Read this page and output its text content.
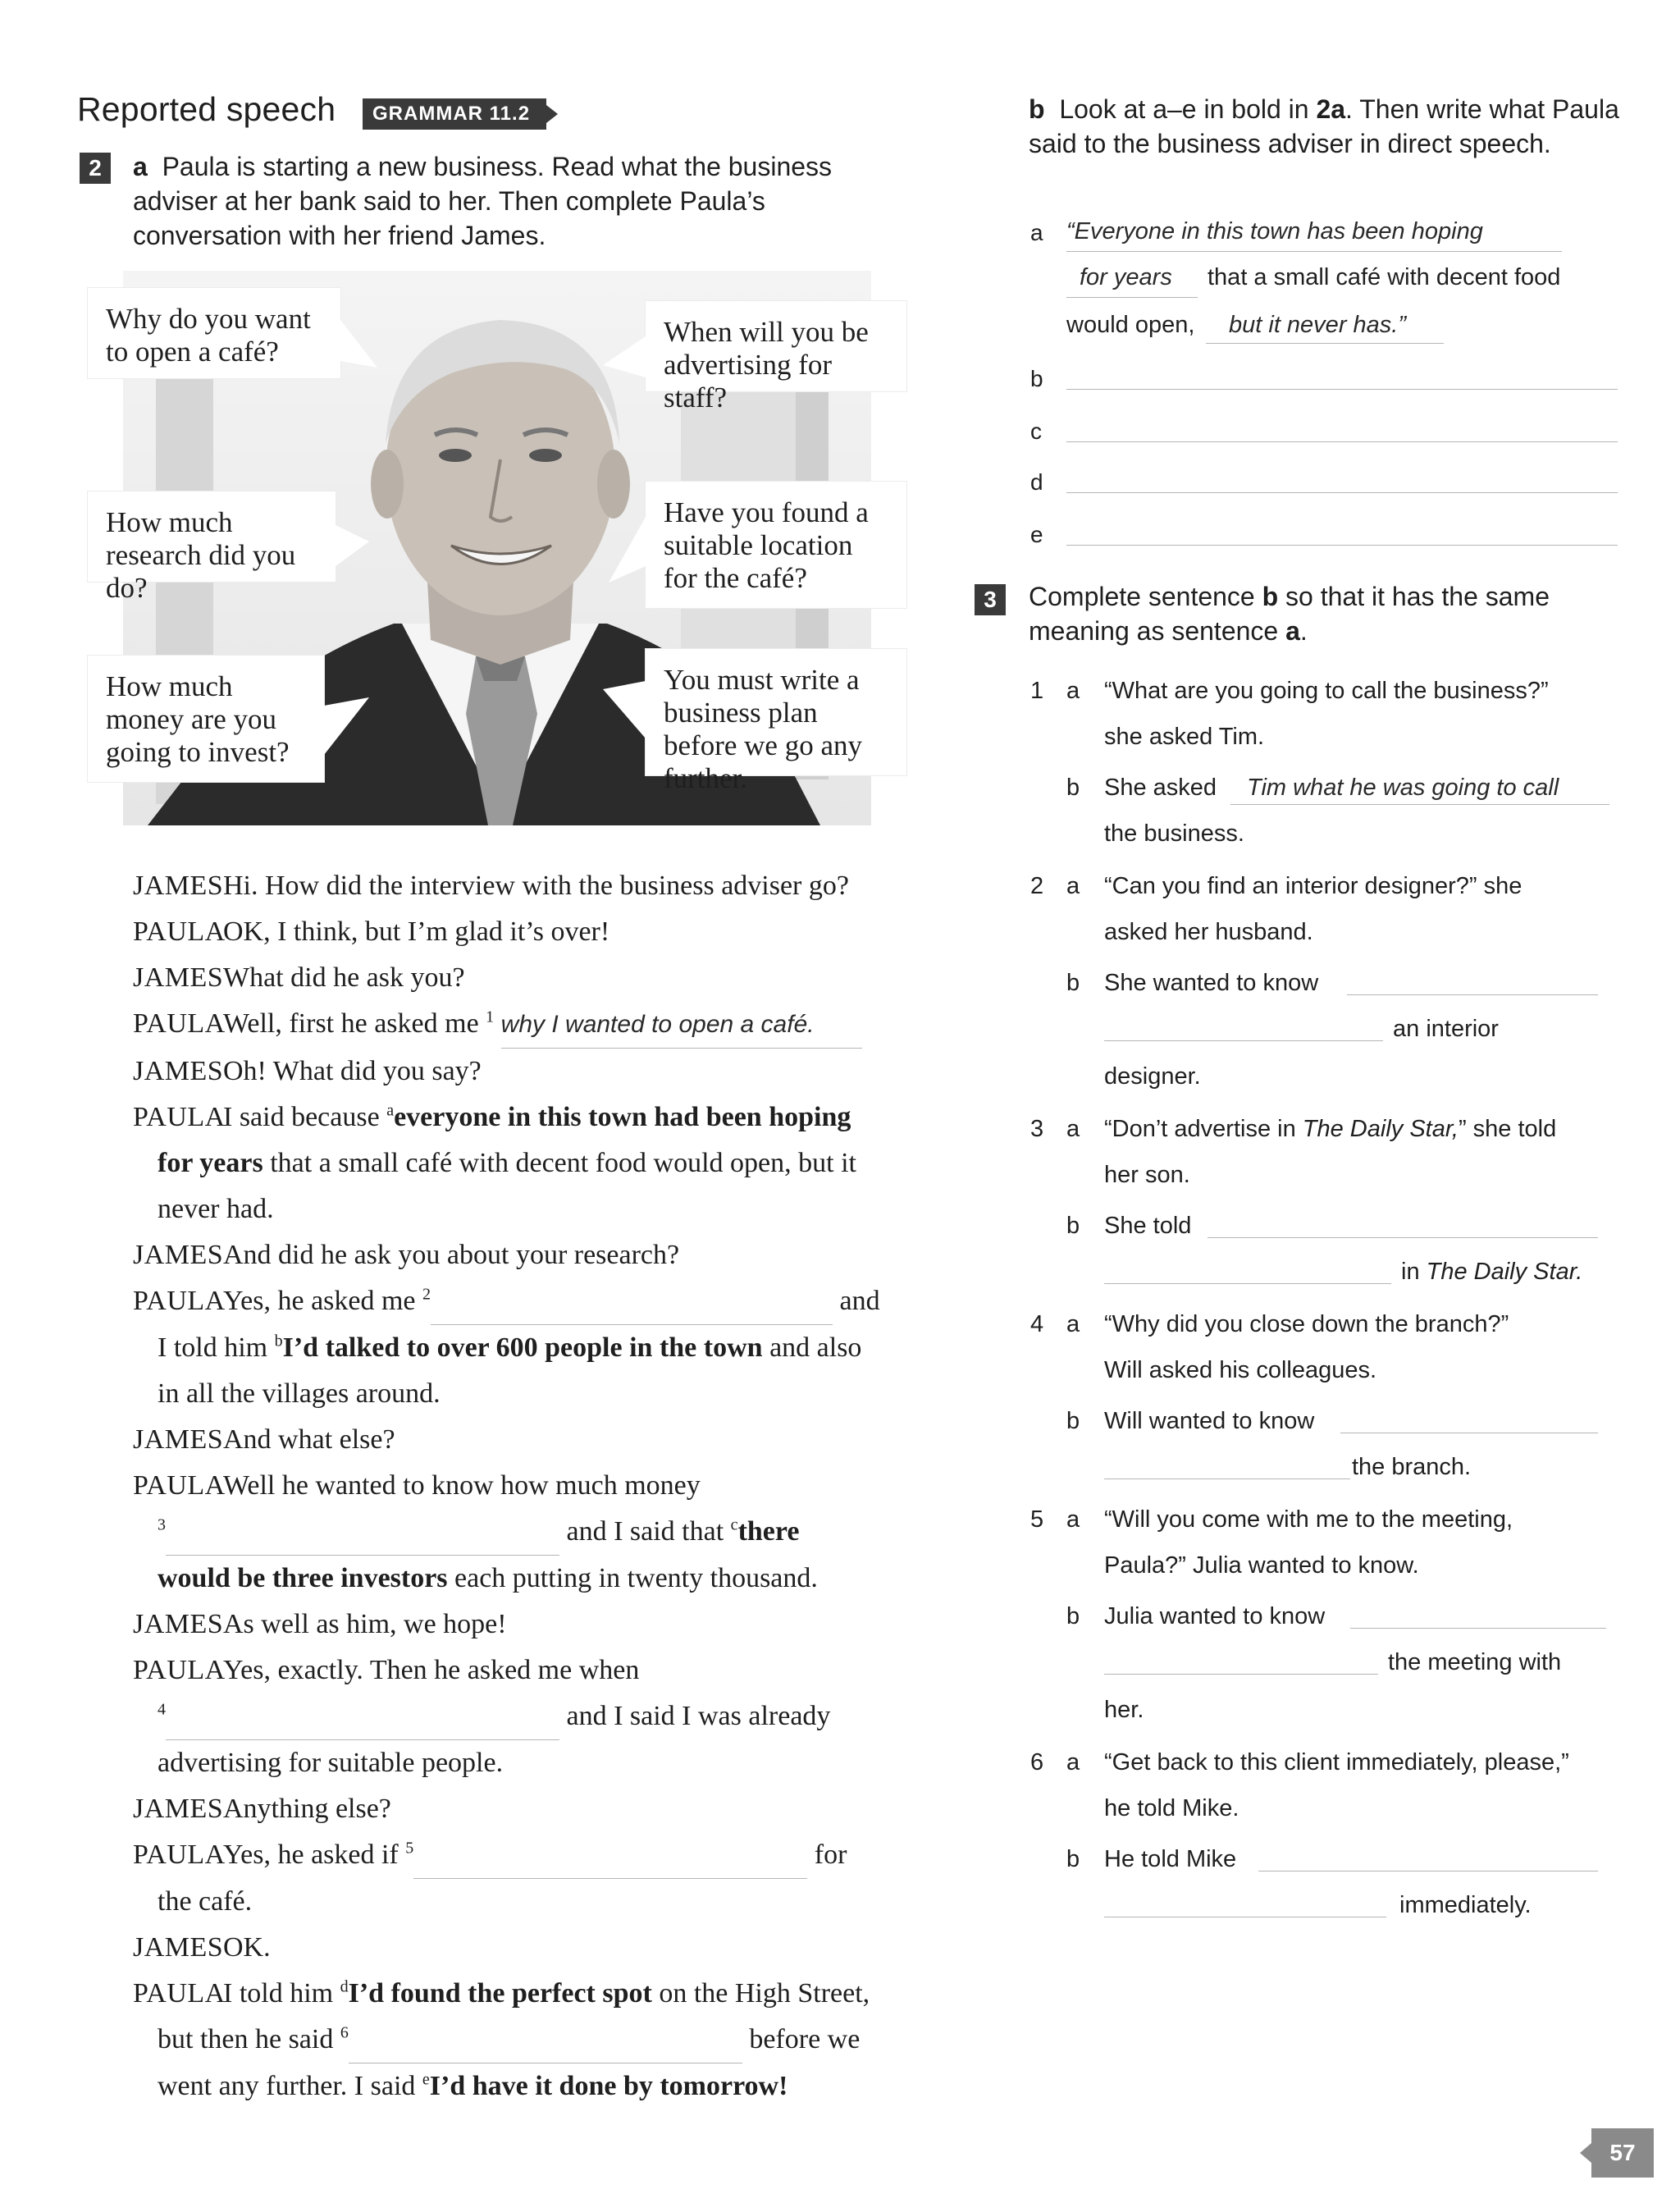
Reported speech	GRAMMAR 11.2
2	a Paula is starting a new business. Read what the business adviser at her bank said to her. Then complete Paula’s conversation with her friend James.
Why do you want to open a café?
How much research did you do?
How much money are you going to invest?
When will you be advertising for staff?
Have you found a suitable location for the café?
You must write a business plan before we go any further.
JAMESHi. How did the interview with the business adviser go?
PAULAOK, I think, but I’m glad it’s over!
JAMESWhat did he ask you?
PAULAWell, first he asked me $^1$ why I wanted to open a café.
JAMESOh! What did you say?
PAULAI said because $^a$everyone in this town had been hoping
for years that a small café with decent food would open, but it
never had.
JAMESAnd did he ask you about your research?
PAULAYes, he asked me $^2$	and
I told him $^b$I’d talked to over 600 people in the town and also
in all the villages around.
JAMESAnd what else?
PAULAWell he wanted to know how much money
$^3$	and I said that $^c$there
would be three investors each putting in twenty thousand.
JAMESAs well as him, we hope!
PAULAYes, exactly. Then he asked me when
$^4$	and I said I was already
advertising for suitable people.
JAMESAnything else?
PAULAYes, he asked if $^5$	for
the café.
JAMESOK.
PAULAI told him $^d$I’d found the perfect spot on the High Street,
but then he said $^6$	before we
went any further. I said $^e$I’d have it done by tomorrow!
b Look at a–e in bold in 2a. Then write what Paula said to the business adviser in direct speech.
a “Everyone in this town has been hoping
for years that a small café with decent food
would open, but it never has.”
b
c
d
e
3	Complete sentence b so that it has the same meaning as sentence a.
1 a “What are you going to call the business?”
she asked Tim.
b She asked Tim what he was going to call
the business.
2 a “Can you find an interior designer?” she
asked her husband.
b She wanted to know
an interior
designer.
3 a “Don’t advertise in The Daily Star,” she told
her son.
b She told
in The Daily Star.
4 a “Why did you close down the branch?”
Will asked his colleagues.
b Will wanted to know
the branch.
5 a “Will you come with me to the meeting,
Paula?” Julia wanted to know.
b Julia wanted to know
the meeting with
her.
6 a “Get back to this client immediately, please,”
he told Mike.
b He told Mike
immediately.
57
